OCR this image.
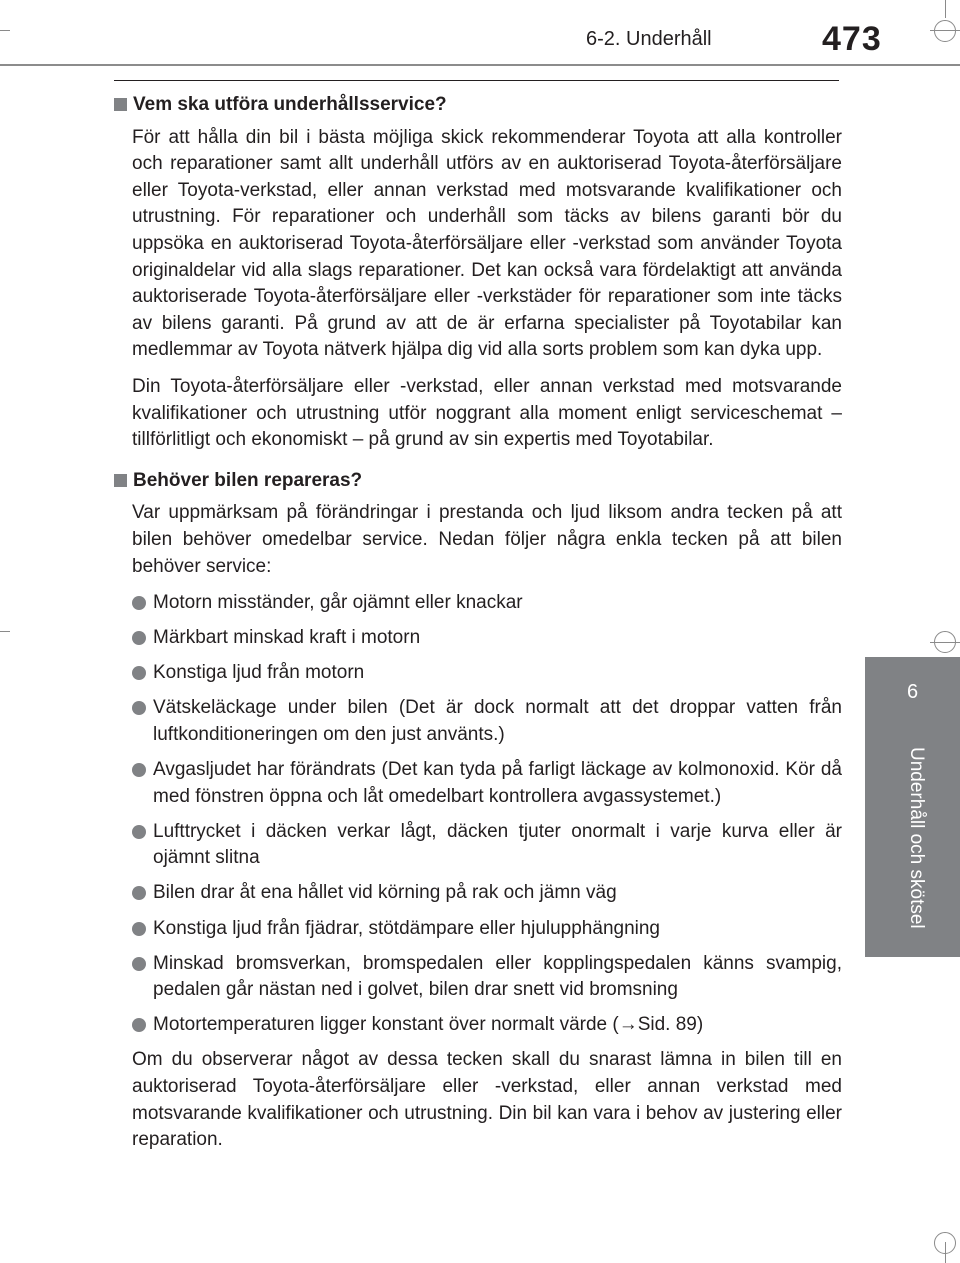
6-2. Underhåll	473
6
Underhåll och skötsel
Vem ska utföra underhållsservice?

För att hålla din bil i bästa möjliga skick rekommenderar Toyota att alla kontroller och reparationer samt allt underhåll utförs av en auktoriserad Toyota-återförsäljare eller Toyota-verkstad, eller annan verkstad med motsvarande kvalifikationer och utrustning. För reparationer och underhåll som täcks av bilens garanti bör du uppsöka en auktoriserad Toyota-återförsäljare eller -verkstad som använder Toyota originaldelar vid alla slags reparationer. Det kan också vara fördelaktigt att använda auktoriserade Toyota-återförsäljare eller -verkstäder för reparationer som inte täcks av bilens garanti. På grund av att de är erfarna specialister på Toyotabilar kan medlemmar av Toyota nätverk hjälpa dig vid alla sorts problem som kan dyka upp.

Din Toyota-återförsäljare eller -verkstad, eller annan verkstad med motsvarande kvalifikationer och utrustning utför noggrant alla moment enligt serviceschemat – tillförlitligt och ekonomiskt – på grund av sin expertis med Toyotabilar.

Behöver bilen repareras?

Var uppmärksam på förändringar i prestanda och ljud liksom andra tecken på att bilen behöver omedelbar service. Nedan följer några enkla tecken på att bilen behöver service:

Motorn misständer, går ojämnt eller knackar
Märkbart minskad kraft i motorn
Konstiga ljud från motorn
Vätskeläckage under bilen (Det är dock normalt att det droppar vatten från luftkonditioneringen om den just använts.)
Avgasljudet har förändrats (Det kan tyda på farligt läckage av kolmonoxid. Kör då med fönstren öppna och låt omedelbart kontrollera avgassystemet.)
Lufttrycket i däcken verkar lågt, däcken tjuter onormalt i varje kurva eller är ojämnt slitna
Bilen drar åt ena hållet vid körning på rak och jämn väg
Konstiga ljud från fjädrar, stötdämpare eller hjulupphängning
Minskad bromsverkan, bromspedalen eller kopplingspedalen känns svampig, pedalen går nästan ned i golvet, bilen drar snett vid bromsning
Motortemperaturen ligger konstant över normalt värde (→Sid. 89)

Om du observerar något av dessa tecken skall du snarast lämna in bilen till en auktoriserad Toyota-återförsäljare eller -verkstad, eller annan verkstad med motsvarande kvalifikationer och utrustning. Din bil kan vara i behov av justering eller reparation.
